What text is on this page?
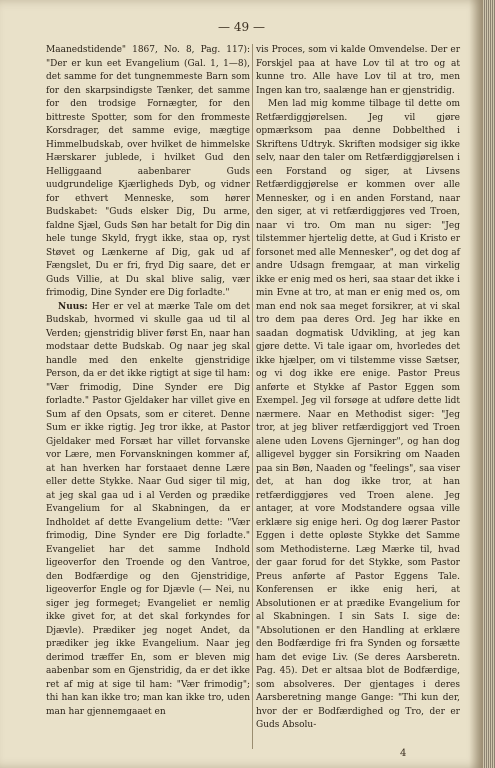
— 49 —

Maanedstidende" 1867, No. 8, Pag. 117): "Der er kun eet Evangelium (Gal. 1, 1—8), det samme for det tungnemmeste Barn som for den skarpsindigste Tænker, det samme for den trodsige Fornægter, for den bittreste Spotter, som for den frommeste Korsdrager, det samme evige, mægtige Himmelbudskab, over hvilket de himmelske Hærskarer jublede, i hvilket Gud den Helliggaand aabenbarer Guds uudgrundelige Kjærligheds Dyb, og vidner for ethvert Menneske, som hører Budskabet: "Guds elsker Dig, Du arme, faldne Sjæl, Guds Søn har betalt for Dig din hele tunge Skyld, frygt ikke, staa op, ryst Støvet og Lænkerne af Dig, gak ud af Fængslet, Du er fri, fryd Dig saare, det er Guds Villie, at Du skal blive salig, vær frimodig, Dine Synder ere Dig forladte."

Nuus: Her er vel at mærke Tale om det Budskab, hvormed vi skulle gaa ud til al Verden; gjenstridig bliver først En, naar han modstaar dette Budskab. Og naar jeg skal handle med den enkelte gjenstridige Person, da er det ikke rigtigt at sige til ham: "Vær frimodig, Dine Synder ere Dig forladte." Pastor Gjeldaker har villet give en Sum af den Opsats, som er citeret. Denne Sum er ikke rigtig. Jeg tror ikke, at Pastor Gjeldaker med Forsæt har villet forvanske vor Lære, men Forvanskningen kommer af, at han hverken har forstaaet denne Lære eller dette Stykke. Naar Gud siger til mig, at jeg skal gaa ud i al Verden og prædike Evangelium for al Skabningen, da er Indholdet af dette Evangelium dette: "Vær frimodig, Dine Synder ere Dig forladte." Evangeliet har det samme Indhold ligeoverfor den Troende og den Vantroe, den Bodfærdige og den Gjenstridige, ligeoverfor Engle og for Djævle (— Nei, nu siger jeg formeget; Evangeliet er nemlig ikke givet for, at det skal forkyndes for Djævle). Prædiker jeg noget Andet, da prædiker jeg ikke Evangelium. Naar jeg derimod træffer En, som er bleven mig aabenbar som en Gjenstridig, da er det ikke ret af mig at sige til ham: "Vær frimodig"; thi han kan ikke tro; man kan ikke tro, uden man har gjennemgaaet en

vis Proces, som vi kalde Omvendelse. Der er Forskjel paa at have Lov til at tro og at kunne tro. Alle have Lov til at tro, men Ingen kan tro, saalænge han er gjenstridig.

Men lad mig komme tilbage til dette om Retfærdiggjørelsen. Jeg vil gjøre opmærksom paa denne Dobbelthed i Skriftens Udtryk. Skriften modsiger sig ikke selv, naar den taler om Retfærdiggjørelsen i een Forstand og siger, at Livsens Retfærdiggjørelse er kommen over alle Mennesker, og i en anden Forstand, naar den siger, at vi retfærdiggjøres ved Troen, naar vi tro. Om man nu siger: "Jeg tilstemmer hjertelig dette, at Gud i Kristo er forsonet med alle Mennesker", og det dog af andre Udsagn fremgaar, at man virkelig ikke er enig med os heri, saa staar det ikke i min Evne at tro, at man er enig med os, om man end nok saa meget forsikrer, at vi skal tro dem paa deres Ord. Jeg har ikke en saadan dogmatisk Udvikling, at jeg kan gjøre dette. Vi tale igaar om, hvorledes det ikke hjælper, om vi tilstemme visse Sætser, og vi dog ikke ere enige. Pastor Preus anførte et Stykke af Pastor Eggen som Exempel. Jeg vil forsøge at udføre dette lidt nærmere. Naar en Methodist siger: "Jeg tror, at jeg bliver retfærdiggjort ved Troen alene uden Lovens Gjerninger", og han dog alligevel bygger sin Forsikring om Naaden paa sin Bøn, Naaden og "feelings", saa viser det, at han dog ikke tror, at han retfærdiggjøres ved Troen alene. Jeg antager, at vore Modstandere ogsaa ville erklære sig enige heri. Og dog lærer Pastor Eggen i dette opløste Stykke det Samme som Methodisterne. Læg Mærke til, hvad der gaar forud for det Stykke, som Pastor Preus anførte af Pastor Eggens Tale. Konferensen er ikke enig heri, at Absolutionen er at prædike Evangelium for al Skabningen. I sin Sats I. sige de: "Absolutionen er den Handling at erklære den Bodfærdige fri fra Synden og forsætte ham det evige Liv. (Se deres Aarsberetn. Pag. 45). Det er altsaa blot de Bodfærdige, som absolveres. Der gjentages i deres Aarsberetning mange Gange: "Thi kun der, hvor der er Bodfærdighed og Tro, der er Guds Absolu-

4
